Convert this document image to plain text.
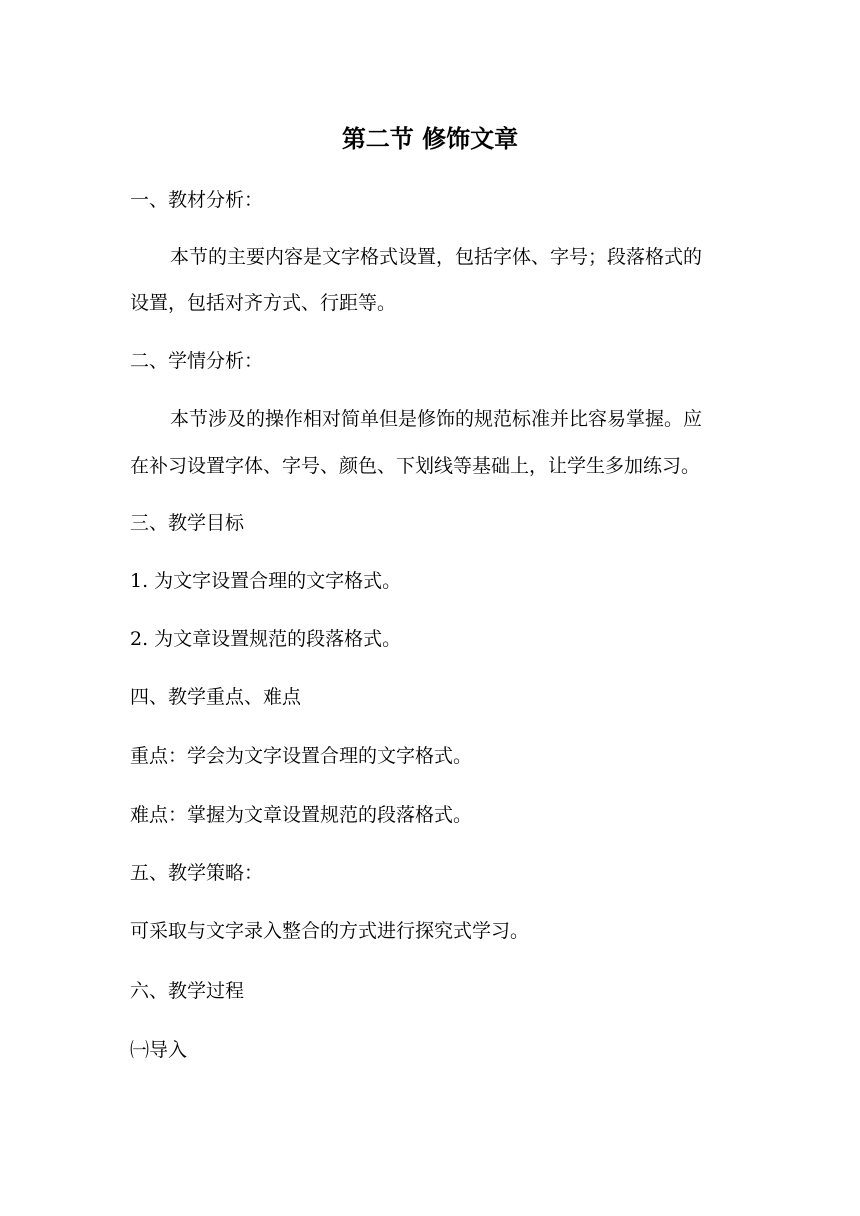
第二节 修饰文章
一、教材分析：
本节的主要内容是文字格式设置，包括字体、字号；段落格式的
设置，包括对齐方式、行距等。
二、学情分析：
本节涉及的操作相对简单但是修饰的规范标准并比容易掌握。应
在补习设置字体、字号、颜色、下划线等基础上，让学生多加练习。
三、教学目标
1. 为文字设置合理的文字格式。
2. 为文章设置规范的段落格式。
四、教学重点、难点
重点：学会为文字设置合理的文字格式。
难点：掌握为文章设置规范的段落格式。
五、教学策略：
可采取与文字录入整合的方式进行探究式学习。
六、教学过程
㈠导入
